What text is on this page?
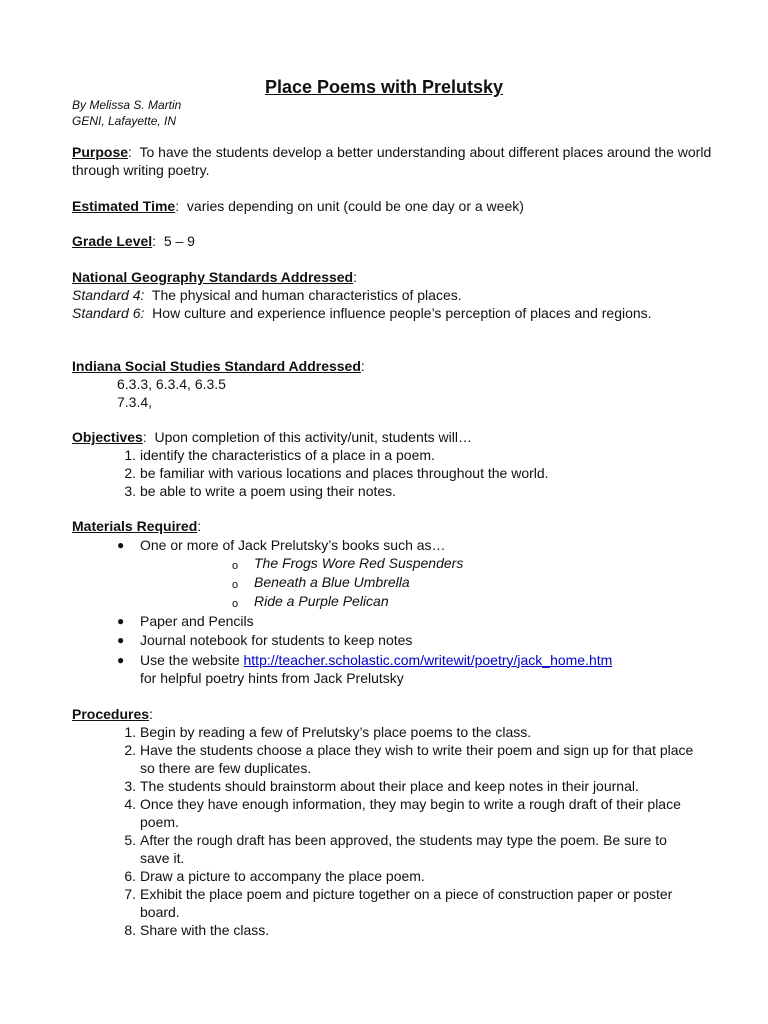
Place Poems with Prelutsky
By Melissa S. Martin
GENI, Lafayette, IN
Purpose:  To have the students develop a better understanding about different places around the world through writing poetry.
Estimated Time:  varies depending on unit (could be one day or a week)
Grade Level:  5 – 9
National Geography Standards Addressed:
Standard 4: The physical and human characteristics of places.
Standard 6: How culture and experience influence people’s perception of places and regions.
Indiana Social Studies Standard Addressed:
6.3.3, 6.3.4, 6.3.5
7.3.4,
Objectives:  Upon completion of this activity/unit, students will…
1. identify the characteristics of a place in a poem.
2. be familiar with various locations and places throughout the world.
3. be able to write a poem using their notes.
Materials Required:
● One or more of Jack Prelutsky’s books such as…
o The Frogs Wore Red Suspenders
o Beneath a Blue Umbrella
o Ride a Purple Pelican
● Paper and Pencils
● Journal notebook for students to keep notes
● Use the website http://teacher.scholastic.com/writewit/poetry/jack_home.htm
for helpful poetry hints from Jack Prelutsky
Procedures:
1. Begin by reading a few of Prelutsky’s place poems to the class.
2. Have the students choose a place they wish to write their poem and sign up for that place so there are few duplicates.
3. The students should brainstorm about their place and keep notes in their journal.
4. Once they have enough information, they may begin to write a rough draft of their place poem.
5. After the rough draft has been approved, the students may type the poem. Be sure to save it.
6. Draw a picture to accompany the place poem.
7. Exhibit the place poem and picture together on a piece of construction paper or poster board.
8. Share with the class.
